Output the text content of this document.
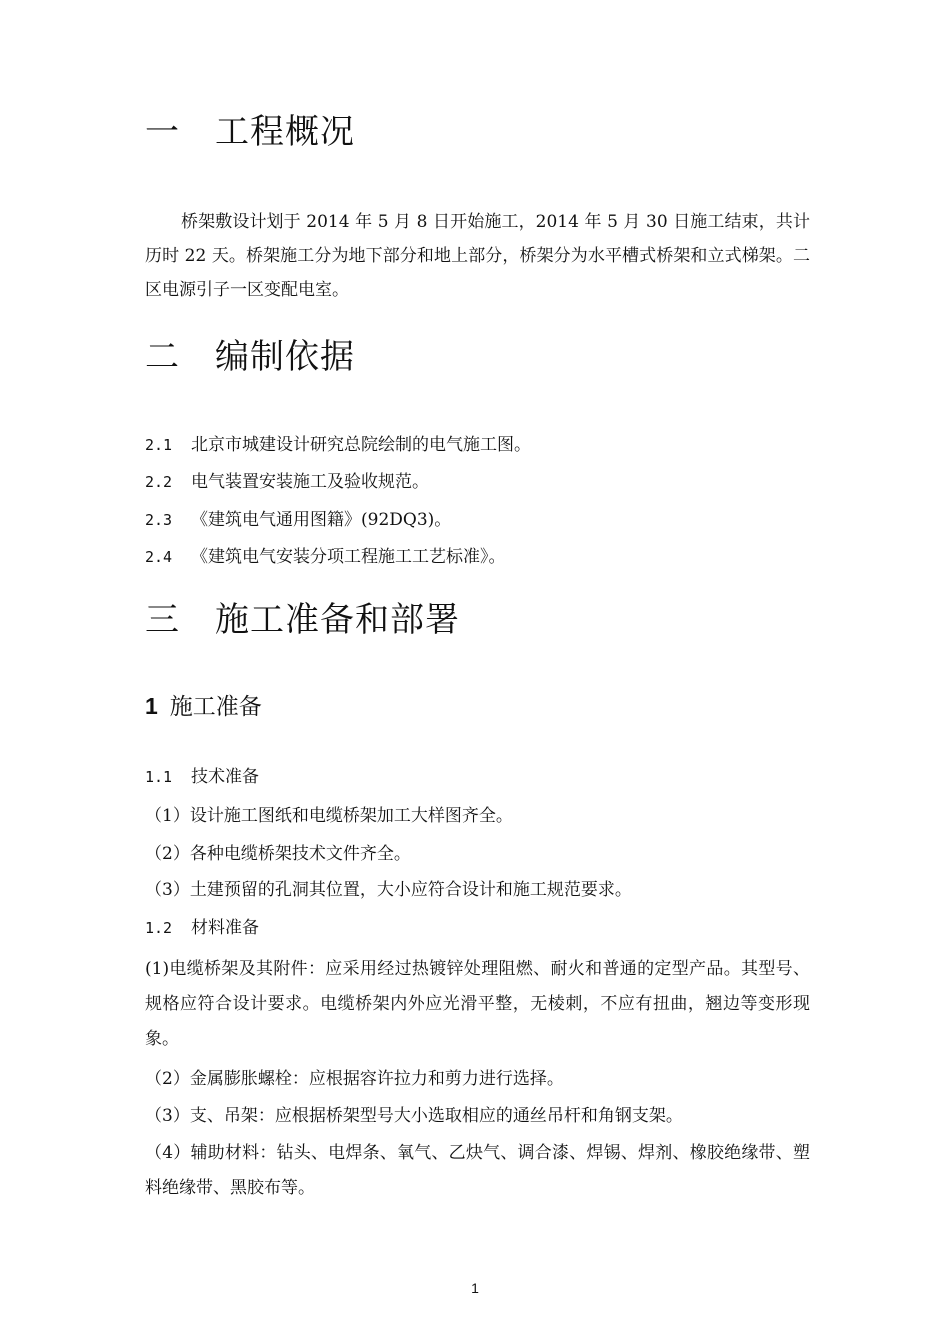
一 工程概况

桥架敷设计划于 2014 年 5 月 8 日开始施工，2014 年 5 月 30 日施工结束，共计历时 22 天。桥架施工分为地下部分和地上部分，桥架分为水平槽式桥架和立式梯架。二区电源引子一区变配电室。

二 编制依据

2.1 北京市城建设计研究总院绘制的电气施工图。

2.2 电气装置安装施工及验收规范。

2.3 《建筑电气通用图籍》(92DQ3)。

2.4 《建筑电气安装分项工程施工工艺标准》。

三 施工准备和部署
1 施工准备

1.1 技术准备

（1）设计施工图纸和电缆桥架加工大样图齐全。

（2）各种电缆桥架技术文件齐全。

（3）土建预留的孔洞其位置，大小应符合设计和施工规范要求。

1.2 材料准备

(1)电缆桥架及其附件：应采用经过热镀锌处理阻燃、耐火和普通的定型产品。其型号、规格应符合设计要求。电缆桥架内外应光滑平整，无棱刺，不应有扭曲，翘边等变形现象。

（2）金属膨胀螺栓：应根据容许拉力和剪力进行选择。

（3）支、吊架：应根据桥架型号大小选取相应的通丝吊杆和角钢支架。

（4）辅助材料：钻头、电焊条、氧气、乙炔气、调合漆、焊锡、焊剂、橡胶绝缘带、塑料绝缘带、黑胶布等。

1
